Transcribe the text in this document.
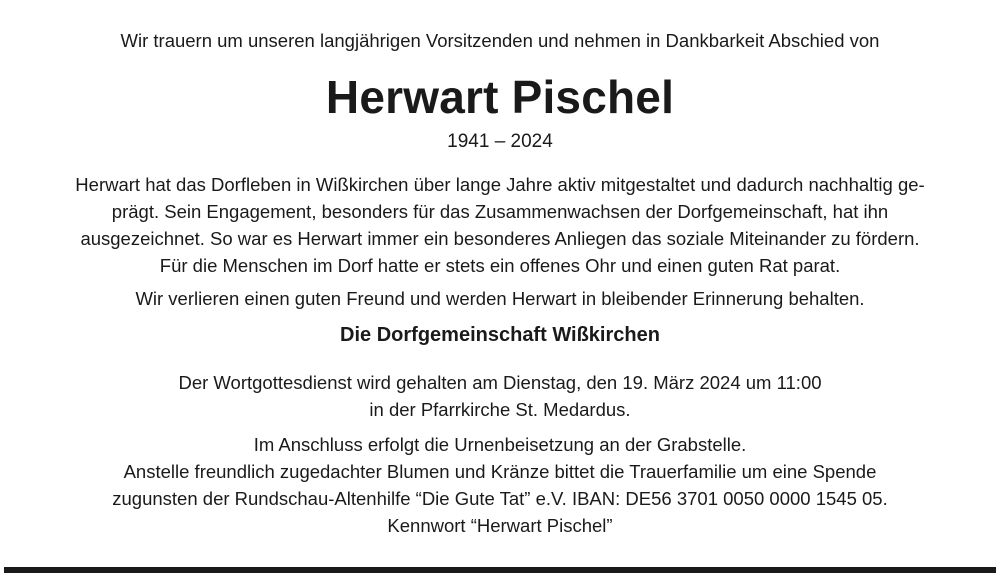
Wir trauern um unseren langjährigen Vorsitzenden und nehmen in Dankbarkeit Abschied von
Herwart Pischel
1941 – 2024
Herwart hat das Dorfleben in Wißkirchen über lange Jahre aktiv mitgestaltet und dadurch nachhaltig ge-
prägt. Sein Engagement, besonders für das Zusammenwachsen der Dorfgemeinschaft, hat ihn
ausgezeichnet. So war es Herwart immer ein besonderes Anliegen das soziale Miteinander zu fördern.
Für die Menschen im Dorf hatte er stets ein offenes Ohr und einen guten Rat parat.
Wir verlieren einen guten Freund und werden Herwart in bleibender Erinnerung behalten.
Die Dorfgemeinschaft Wißkirchen
Der Wortgottesdienst wird gehalten am Dienstag, den 19. März 2024 um 11:00
in der Pfarrkirche St. Medardus.
Im Anschluss erfolgt die Urnenbeisetzung an der Grabstelle.
Anstelle freundlich zugedachter Blumen und Kränze bittet die Trauerfamilie um eine Spende
zugunsten der Rundschau-Altenhilfe “Die Gute Tat” e.V. IBAN: DE56 3701 0050 0000 1545 05.
Kennwort “Herwart Pischel”
